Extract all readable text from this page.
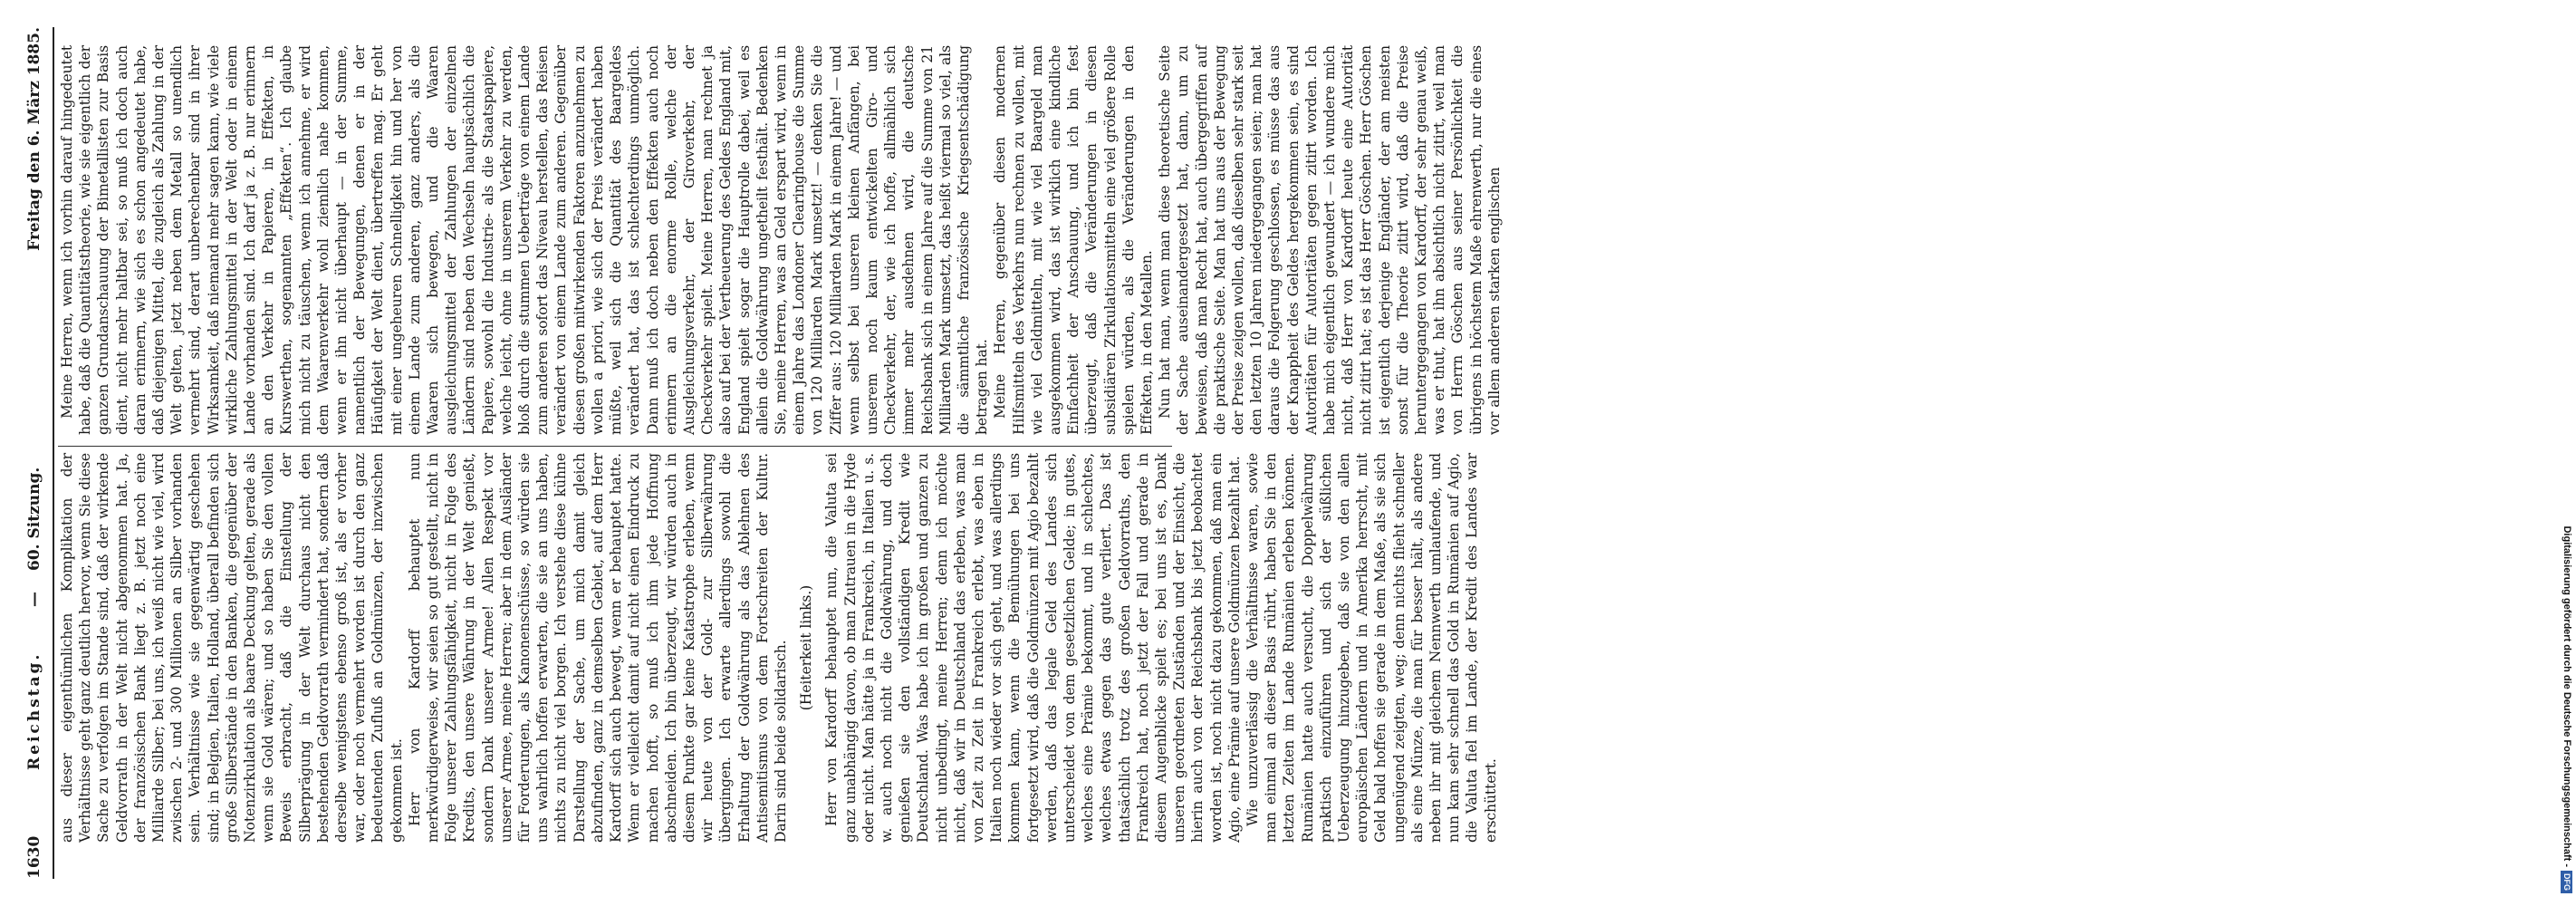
1630
Reichstag.
—
60. Sitzung.
Freitag den 6. März 1885.

aus dieser eigenthümlichen Komplikation der Verhältnisse geht ganz deutlich hervor, wenn Sie diese Sache zu verfolgen im Stande sind, daß der wirkende Geldvorrath in der Welt nicht abgenommen hat. Ja, der französischen Bank liegt z. B. jetzt noch eine Milliarde Silber; bei uns, ich weiß nicht wie viel, wird zwischen 2- und 300 Millionen an Silber vorhanden sein. Verhältnisse wie sie gegenwärtig geschehen sind; in Belgien, Italien, Holland, überall befinden sich große Silberstände in den Banken, die gegenüber der Notenzirkulation als baare Deckung gelten, gerade als wenn sie Gold wären; und so haben Sie den vollen Beweis erbracht, daß die Einstellung der Silberprägung in der Welt durchaus nicht den bestehenden Geldvorrath vermindert hat, sondern daß derselbe wenigstens ebenso groß ist, als er vorher war, oder noch vermehrt worden ist durch den ganz bedeutenden Zufluß an Goldmünzen, der inzwischen gekommen ist. Herr von Kardorff behauptet nun merkwürdigerweise, wir seien so gut gestellt, nicht in Folge unserer Zahlungsfähigkeit, nicht in Folge des Kredits, den unsere Währung in der Welt genießt, sondern Dank unserer Armee! Allen Respekt vor unserer Armee, meine Herren; aber in dem Ausländer für Forderungen, als Kanonenschüsse, so würden sie uns wahrlich hoffen erwarten, die sie an uns haben, nichts zu nicht viel borgen. Ich verstehe diese kühne Darstellung der Sache, um mich damit gleich abzufinden, ganz in demselben Gebiet, auf dem Herr Kardorff sich auch bewegt, wenn er behauptet hatte. Wenn er vielleicht damit auf nicht einen Eindruck zu machen hofft, so muß ich ihm jede Hoffnung abschneiden. Ich bin überzeugt, wir würden auch in diesem Punkte gar keine Katastrophe erleben, wenn wir heute von der Gold- zur Silberwährung übergingen. Ich erwarte allerdings sowohl die Erhaltung der Goldwährung als das Ablehnen des Antisemitismus von dem Fortschreiten der Kultur. Darin sind beide solidarisch. (Heiterkeit links.) Herr von Kardorff behauptet nun, die Valuta sei ganz unabhängig davon, ob man Zutrauen in die Hyde oder nicht. Man hätte ja in Frankreich, in Italien u. s. w. auch noch nicht die Goldwährung, und doch genießen sie den vollständigen Kredit wie Deutschland. Was habe ich im großen und ganzen zu nicht unbedingt, meine Herren; denn ich möchte nicht, daß wir in Deutschland das erleben, was man von Zeit zu Zeit in Frankreich erlebt, was eben in Italien noch wieder vor sich geht, und was allerdings kommen kann, wenn die Bemühungen bei uns fortgesetzt wird, daß die Goldmünzen mit Agio bezahlt werden, daß das legale Geld des Landes sich unterscheidet von dem gesetzlichen Gelde; in gutes, welches eine Prämie bekommt, und in schlechtes, welches etwas gegen das gute verliert. Das ist thatsächlich trotz des großen Geldvorraths, den Frankreich hat, noch jetzt der Fall und gerade in diesem Augenblicke spielt es; bei uns ist es, Dank unseren geordneten Zuständen und der Einsicht, die hierin auch von der Reichsbank bis jetzt beobachtet worden ist, noch nicht dazu gekommen, daß man ein Agio, eine Prämie auf unsere Goldmünzen bezahlt hat. Wie unzuverlässig die Verhältnisse waren, sowie man einmal an dieser Basis rührt, haben Sie in den letzten Zeiten im Lande Rumänien erleben können. Rumänien hatte auch versucht, die Doppelwährung praktisch einzuführen und sich der süßlichen Ueberzeugung hinzugeben, daß sie von den allen europäischen Ländern und in Amerika herrscht, mit Geld bald hoffen sie gerade in dem Maße, als sie sich ungenügend zeigten, weg; denn nichts flieht schneller als eine Münze, die man für besser hält, als andere neben ihr mit gleichem Nennwerth umlaufende, und nun kam sehr schnell das Gold in Rumänien auf Agio, die Valuta fiel im Lande, der Kredit des Landes war erschüttert.

Meine Herren, wenn ich vorhin darauf hingedeutet habe, daß die Quantitätstheorie, wie sie eigentlich der ganzen Grundanschauung der Bimetallisten zur Basis dient, nicht mehr haltbar sei, so muß ich doch auch daran erinnern, wie sich es schon angedeutet habe, daß diejenigen Mittel, die zugleich als Zahlung in der Welt gelten, jetzt neben dem Metall so unendlich vermehrt sind, derart unberechenbar sind in ihrer Wirksamkeit, daß niemand mehr sagen kann, wie viele wirkliche Zahlungsmittel in der Welt oder in einem Lande vorhanden sind. Ich darf ja z. B. nur erinnern an den Verkehr in Papieren, in Effekten, in Kurswerthen, sogenannten „Effekten“. Ich glaube mich nicht zu täuschen, wenn ich annehme, er wird dem Waarenverkehr wohl ziemlich nahe kommen, wenn er ihn nicht überhaupt — in der Summe, namentlich der Bewegungen, denen er in der Häufigkeit der Welt dient, übertreffen mag. Er geht mit einer ungeheuren Schnelligkeit hin und her von einem Lande zum anderen, ganz anders, als die Waaren sich bewegen, und die Waaren ausgleichungsmittel der Zahlungen der einzelnen Ländern sind neben den Wechseln hauptsächlich die Papiere, sowohl die Industrie- als die Staatspapiere, welche leicht, ohne in unserem Verkehr zu werden, bloß durch die stummen Ueberträge von einem Lande zum anderen sofort das Niveau herstellen, das Reisen verändert von einem Lande zum anderen. Gegenüber diesen großen mitwirkenden Faktoren anzunehmen zu wollen a priori, wie sich der Preis verändert haben müßte, weil sich die Quantität des Baargeldes verändert hat, das ist schlechterdings unmöglich. Dann muß ich doch neben den Effekten auch noch erinnern an die enorme Rolle, welche der Ausgleichungsverkehr, der Giroverkehr, der Checkverkehr spielt. Meine Herren, man rechnet ja also auf bei der Vertheuerung des Geldes England mit, England spielt sogar die Hauptrolle dabei, weil es allein die Goldwährung ungetheilt festhält. Bedenken Sie, meine Herren, was an Geld erspart wird, wenn in einem Jahre das Londoner Clearinghouse die Summe von 120 Milliarden Mark umsetzt! — denken Sie die Ziffer aus: 120 Milliarden Mark in einem Jahre! — und wenn selbst bei unseren kleinen Anfängen, bei unserem noch kaum entwickelten Giro- und Checkverkehr, der, wie ich hoffe, allmählich sich immer mehr ausdehnen wird, die deutsche Reichsbank sich in einem Jahre auf die Summe von 21 Milliarden Mark umsetzt, das heißt viermal so viel, als die sämmtliche französische Kriegsentschädigung betragen hat. Meine Herren, gegenüber diesen modernen Hilfsmitteln des Verkehrs nun rechnen zu wollen, mit wie viel Geldmitteln, mit wie viel Baargeld man ausgekommen wird, das ist wirklich eine kindliche Einfachheit der Anschauung, und ich bin fest überzeugt, daß die Veränderungen in diesen subsidiären Zirkulationsmitteln eine viel größere Rolle spielen würden, als die Veränderungen in den Effekten, in den Metallen. Nun hat man, wenn man diese theoretische Seite der Sache auseinandergesetzt hat, dann, um zu beweisen, daß man Recht hat, auch übergegriffen auf die praktische Seite. Man hat uns aus der Bewegung der Preise zeigen wollen, daß dieselben sehr stark seit den letzten 10 Jahren niedergegangen seien; man hat daraus die Folgerung geschlossen, es müsse das aus der Knappheit des Geldes hergekommen sein, es sind Autoritäten für Autoritäten gegen zitirt worden. Ich habe mich eigentlich gewundert — ich wundere mich nicht, daß Herr von Kardorff heute eine Autorität nicht zitirt hat; es ist das Herr Göschen. Herr Göschen ist eigentlich derjenige Engländer, der am meisten sonst für die Theorie zitirt wird, daß die Preise heruntergegangen von Kardorff, der sehr genau weiß, was er thut, hat ihn absichtlich nicht zitirt, weil man von Herrn Göschen aus seiner Persönlichkeit die übrigens in höchstem Maße ehrenwerth, nur die eines vor allem anderen starken englischen

Digitalisierung gefördert durch die Deutsche Forschungsgemeinschaft -DFG
